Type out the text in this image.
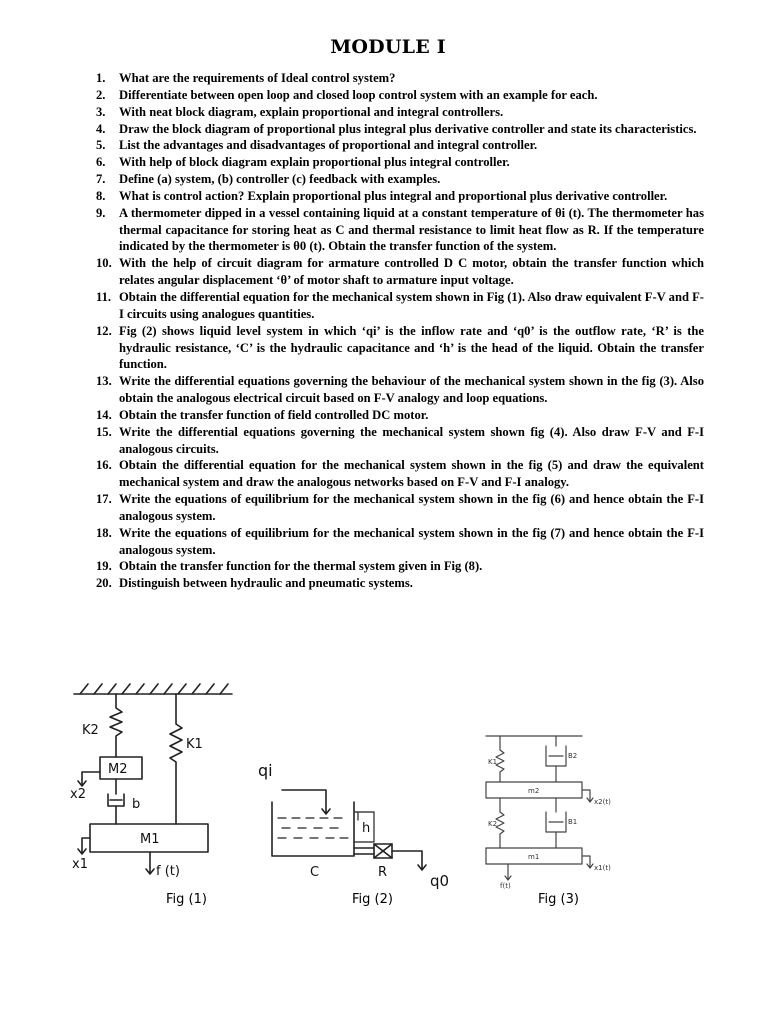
MODULE I
1.	What are the requirements of Ideal control system?
2.	Differentiate between open loop and closed loop control system with an example for each.
3.	With neat block diagram, explain proportional and integral controllers.
4.	Draw the block diagram of proportional plus integral plus derivative controller and state its characteristics.
5.	List the advantages and disadvantages of proportional and integral controller.
6.	With help of block diagram explain proportional plus integral controller.
7.	Define (a) system, (b) controller (c) feedback with examples.
8.	What is control action? Explain proportional plus integral and proportional plus derivative controller.
9.	A thermometer dipped in a vessel containing liquid at a constant temperature of θi (t). The thermometer has thermal capacitance for storing heat as C and thermal resistance to limit heat flow as R. If the temperature indicated by the thermometer is θ0 (t). Obtain the transfer function of the system.
10. With the help of circuit diagram for armature controlled D C motor, obtain the transfer function which relates angular displacement ‘θ’ of motor shaft to armature input voltage.
11. Obtain the differential equation for the mechanical system shown in Fig (1). Also draw equivalent F-V and F-I circuits using analogues quantities.
12. Fig (2) shows liquid level system in which ‘qi’ is the inflow rate and ‘q0’ is the outflow rate, ‘R’ is the hydraulic resistance, ‘C’ is the hydraulic capacitance and ‘h’ is the head of the liquid. Obtain the transfer function.
13. Write the differential equations governing the behaviour of the mechanical system shown in the fig (3). Also obtain the analogous electrical circuit based on F-V analogy and loop equations.
14. Obtain the transfer function of field controlled DC motor.
15. Write the differential equations governing the mechanical system shown fig (4). Also draw F-V and F-I analogous circuits.
16. Obtain the differential equation for the mechanical system shown in the fig (5) and draw the equivalent mechanical system and draw the analogous networks based on F-V and F-I analogy.
17. Write the equations of equilibrium for the mechanical system shown in the fig (6) and hence obtain the F-I analogous system.
18. Write the equations of equilibrium for the mechanical system shown in the fig (7) and hence obtain the F-I analogous system.
19. Obtain the transfer function for the thermal system given in Fig (8).
20. Distinguish between hydraulic and pneumatic systems.
K2
K1
M2
b
x2
M1
x1	f (t)
qi
h
C	R	q0
K1
B2
m2
x2(t)
K2	B1
m1
x1(t)
f(t)
Fig (1)	Fig (2)	Fig (3)
